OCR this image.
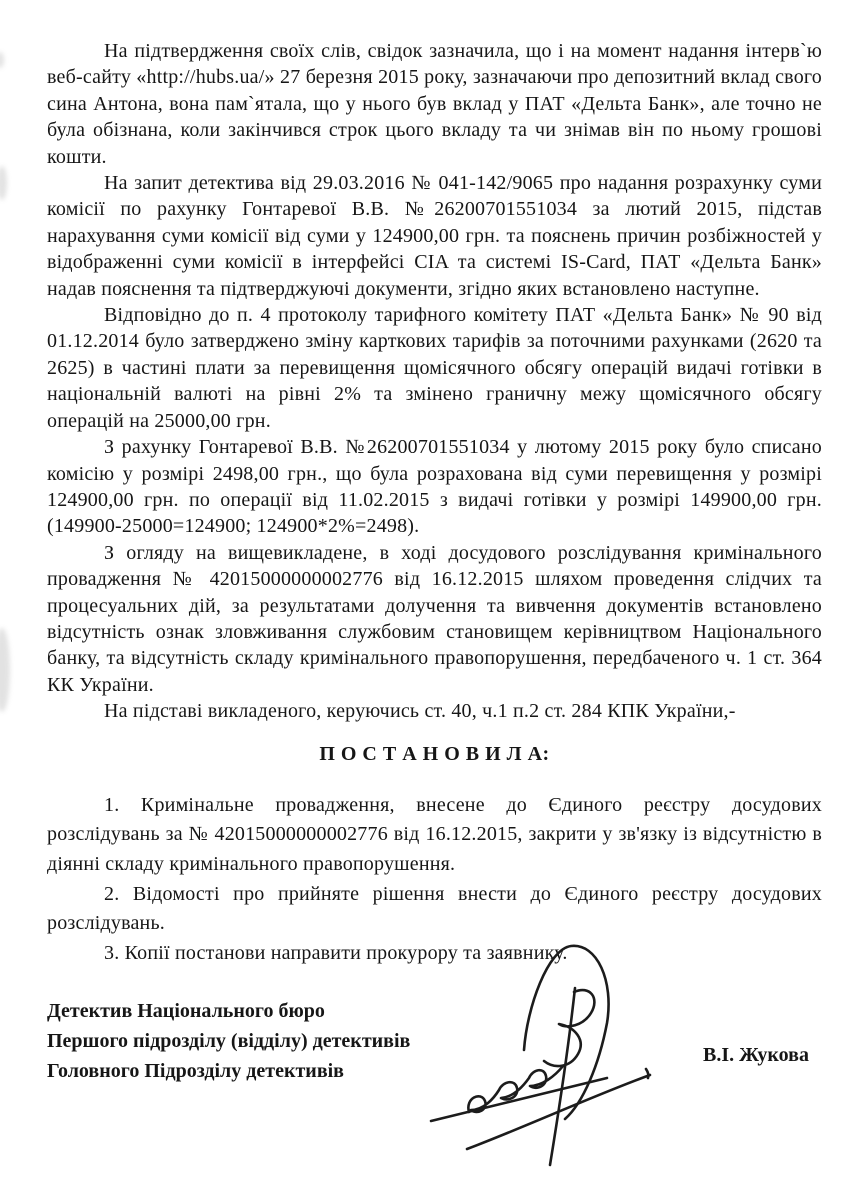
На підтвердження своїх слів, свідок зазначила, що і на момент надання інтерв`ю веб-сайту «http://hubs.ua/» 27 березня 2015 року, зазначаючи про депозитний вклад свого сина Антона, вона пам`ятала, що у нього був вклад у ПАТ «Дельта Банк», але точно не була обізнана, коли закінчився строк цього вкладу та чи знімав він по ньому грошові кошти.

На запит детектива від 29.03.2016 № 041-142/9065 про надання розрахунку суми комісії по рахунку Гонтаревої В.В. №26200701551034 за лютий 2015, підстав нарахування суми комісії від суми у 124900,00 грн. та пояснень причин розбіжностей у відображенні суми комісії в інтерфейсі CIA та системі IS-Card, ПАТ «Дельта Банк» надав пояснення та підтверджуючі документи, згідно яких встановлено наступне.

Відповідно до п. 4 протоколу тарифного комітету ПАТ «Дельта Банк» № 90 від 01.12.2014 було затверджено зміну карткових тарифів за поточними рахунками (2620 та 2625) в частині плати за перевищення щомісячного обсягу операцій видачі готівки в національній валюті на рівні 2% та змінено граничну межу щомісячного обсягу операцій на 25000,00 грн.

З рахунку Гонтаревої В.В. №26200701551034 у лютому 2015 року було списано комісію у розмірі 2498,00 грн., що була розрахована від суми перевищення у розмірі 124900,00 грн. по операції від 11.02.2015 з видачі готівки у розмірі 149900,00 грн. (149900-25000=124900; 124900*2%=2498).

З огляду на вищевикладене, в ході досудового розслідування кримінального провадження № 42015000000002776 від 16.12.2015 шляхом проведення слідчих та процесуальних дій, за результатами долучення та вивчення документів встановлено відсутність ознак зловживання службовим становищем керівництвом Національного банку, та відсутність складу кримінального правопорушення, передбаченого ч. 1 ст. 364 КК України.

На підставі викладеного, керуючись ст. 40, ч.1 п.2 ст. 284 КПК України,-

П О С Т А Н О В И Л А:

1. Кримінальне провадження, внесене до Єдиного реєстру досудових розслідувань за № 42015000000002776 від 16.12.2015, закрити у зв'язку із відсутністю в діянні складу кримінального правопорушення.

2. Відомості про прийняте рішення внести до Єдиного реєстру досудових розслідувань.

3. Копії постанови направити прокурору та заявнику.

Детектив Національного бюро

Першого підрозділу (відділу) детективів

Головного Підрозділу детективів

В.І. Жукова
